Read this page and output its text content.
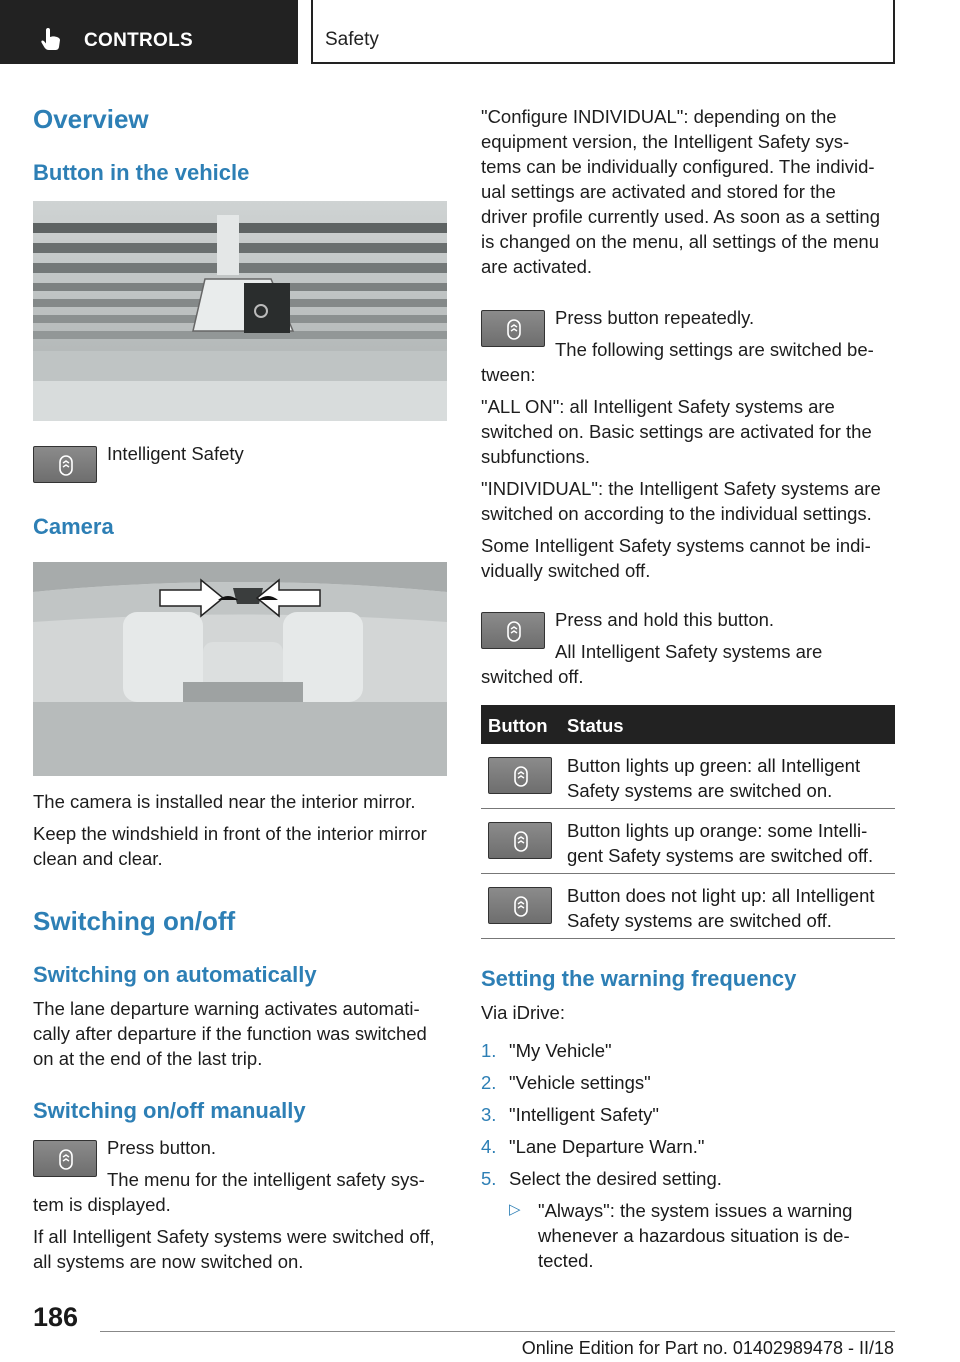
CONTROLS	Safety
Overview
Button in the vehicle
Intelligent Safety
Camera
The camera is installed near the interior mirror.
Keep the windshield in front of the interior mirror
clean and clear.
Switching on/off
Switching on automatically
The lane departure warning activates automati-
cally after departure if the function was switched
on at the end of the last trip.
Switching on/off manually
Press button.
The menu for the intelligent safety sys-
tem is displayed.
If all Intelligent Safety systems were switched off,
all systems are now switched on.
"Configure INDIVIDUAL": depending on the
equipment version, the Intelligent Safety sys-
tems can be individually configured. The individ-
ual settings are activated and stored for the
driver profile currently used. As soon as a setting
is changed on the menu, all settings of the menu
are activated.
Press button repeatedly.
The following settings are switched be-
tween:
"ALL ON": all Intelligent Safety systems are
switched on. Basic settings are activated for the
subfunctions.
"INDIVIDUAL": the Intelligent Safety systems are
switched on according to the individual settings.
Some Intelligent Safety systems cannot be indi-
vidually switched off.
Press and hold this button.
All Intelligent Safety systems are
switched off.
Button Status
Button lights up green: all Intelligent
Safety systems are switched on.
Button lights up orange: some Intelli-
gent Safety systems are switched off.
Button does not light up: all Intelligent
Safety systems are switched off.
Setting the warning frequency
Via iDrive:
1. "My Vehicle"
2. "Vehicle settings"
3. "Intelligent Safety"
4. "Lane Departure Warn."
5. Select the desired setting.
▷ "Always": the system issues a warning
whenever a hazardous situation is de-
tected.
186
Online Edition for Part no. 01402989478 - II/18
